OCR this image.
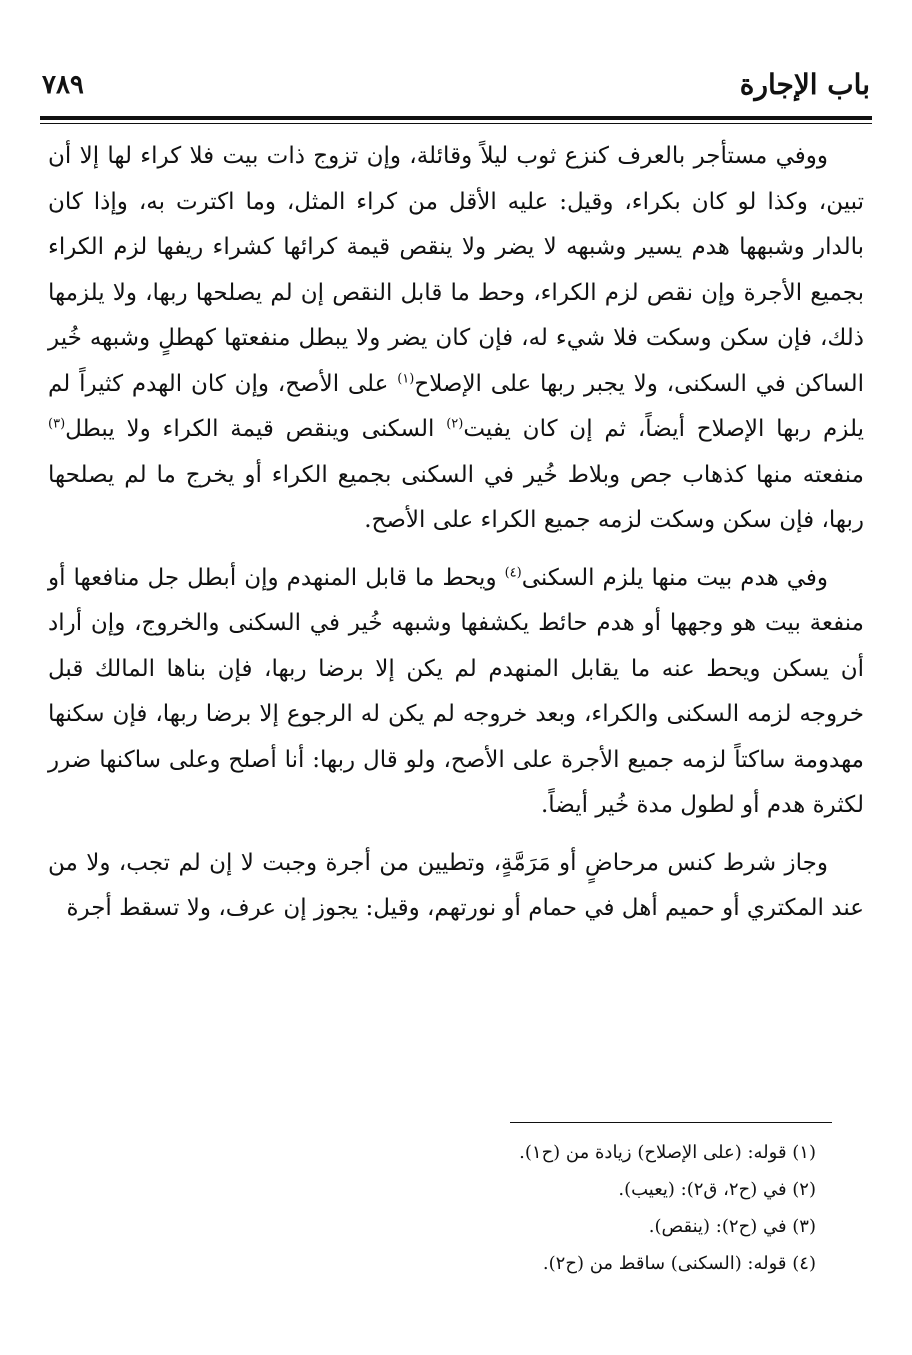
باب الإجارة
٧٨٩

ووفي مستأجر بالعرف كنزع ثوب ليلاً وقائلة، وإن تزوج ذات بيت فلا كراء لها إلا أن تبين، وكذا لو كان بكراء، وقيل: عليه الأقل من كراء المثل، وما اكترت به، وإذا كان بالدار وشبهها هدم يسير وشبهه لا يضر ولا ينقص قيمة كرائها كشراء ريفها لزم الكراء بجميع الأجرة وإن نقص لزم الكراء، وحط ما قابل النقص إن لم يصلحها ربها، ولا يلزمها ذلك، فإن سكن وسكت فلا شيء له، فإن كان يضر ولا يبطل منفعتها كهطلٍ وشبهه خُير الساكن في السكنى، ولا يجبر ربها على الإصلاح$^{(١)}$ على الأصح، وإن كان الهدم كثيراً لم يلزم ربها الإصلاح أيضاً، ثم إن كان يفيت$^{(٢)}$ السكنى وينقص قيمة الكراء ولا يبطل$^{(٣)}$ منفعته منها كذهاب جص وبلاط خُير في السكنى بجميع الكراء أو يخرج ما لم يصلحها ربها، فإن سكن وسكت لزمه جميع الكراء على الأصح.

وفي هدم بيت منها يلزم السكنى$^{(٤)}$ ويحط ما قابل المنهدم وإن أبطل جل منافعها أو منفعة بيت هو وجهها أو هدم حائط يكشفها وشبهه خُير في السكنى والخروج، وإن أراد أن يسكن ويحط عنه ما يقابل المنهدم لم يكن إلا برضا ربها، فإن بناها المالك قبل خروجه لزمه السكنى والكراء، وبعد خروجه لم يكن له الرجوع إلا برضا ربها، فإن سكنها مهدومة ساكتاً لزمه جميع الأجرة على الأصح، ولو قال ربها: أنا أصلح وعلى ساكنها ضرر لكثرة هدم أو لطول مدة خُير أيضاً.

وجاز شرط كنس مرحاضٍ أو مَرَمَّةٍ، وتطيين من أجرة وجبت لا إن لم تجب، ولا من عند المكتري أو حميم أهل في حمام أو نورتهم، وقيل: يجوز إن عرف، ولا تسقط أجرة

(١) قوله: (على الإصلاح) زيادة من (ح١).
(٢) في (ح٢، ق٢): (يعيب).
(٣) في (ح٢): (ينقص).
(٤) قوله: (السكنى) ساقط من (ح٢).
